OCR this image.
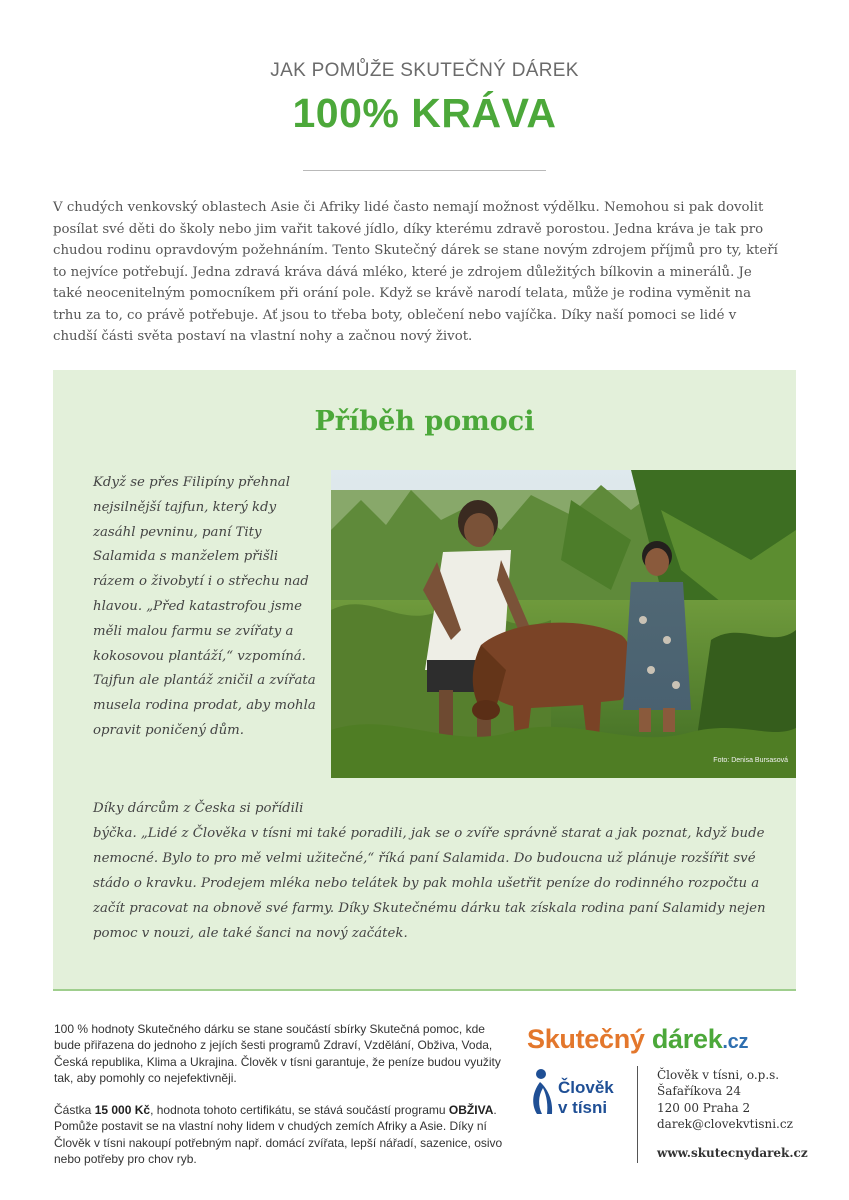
JAK POMŮŽE SKUTEČNÝ DÁREK
100% KRÁVA
V chudých venkovský oblastech Asie či Afriky lidé často nemají možnost výdělku. Nemohou si pak dovolit posílat své děti do školy nebo jim vařit takové jídlo, díky kterému zdravě porostou. Jedna kráva je tak pro chudou rodinu opravdovým požehnáním. Tento Skutečný dárek se stane novým zdrojem příjmů pro ty, kteří to nejvíce potřebují. Jedna zdravá kráva dává mléko, které je zdrojem důležitých bílkovin a minerálů. Je také neocenitelným pomocníkem při orání pole. Když se krávě narodí telata, může je rodina vyměnit na trhu za to, co právě potřebuje. Ať jsou to třeba boty, oblečení nebo vajíčka. Díky naší pomoci se lidé v chudší části světa postaví na vlastní nohy a začnou nový život.
Příběh pomoci
Když se přes Filipíny přehnal nejsilnější tajfun, který kdy zasáhl pevninu, paní Tity Salamida s manželem přišli rázem o živobytí i o střechu nad hlavou. „Před katastrofou jsme měli malou farmu se zvířaty a kokosovou plantáží,“ vzpomíná. Tajfun ale plantáž zničil a zvířata musela rodina prodat, aby mohla opravit poničený dům.
Foto: Denisa Bursasová
Díky dárcům z Česka si pořídili
býčka. „Lidé z Člověka v tísni mi také poradili, jak se o zvíře správně starat a jak poznat, když bude nemocné. Bylo to pro mě velmi užitečné,“ říká paní Salamida. Do budoucna už plánuje rozšířit své stádo o kravku. Prodejem mléka nebo telátek by pak mohla ušetřit peníze do rodinného rozpočtu a začít pracovat na obnově své farmy. Díky Skutečnému dárku tak získala rodina paní Salamidy nejen pomoc v nouzi, ale také šanci na nový začátek.

100 % hodnoty Skutečného dárku se stane součástí sbírky Skutečná pomoc, kde bude přiřazena do jednoho z jejích šesti programů Zdraví, Vzdělání, Obživa, Voda, Česká republika, Klima a Ukrajina. Člověk v tísni garantuje, že peníze budou využity tak, aby pomohly co nejefektivněji.

Částka 15 000 Kč, hodnota tohoto certifikátu, se stává součástí programu OBŽIVA. Pomůže postavit se na vlastní nohy lidem v chudých zemích Afriky a Asie. Díky ní Člověk v tísni nakoupí potřebným např. domácí zvířata, lepší nářadí, sazenice, osivo nebo potřeby pro chov ryb.

Skutečný dárek.cz
Člověk
v tísni
Člověk v tísni, o.p.s.
Šafaříkova 24
120 00 Praha 2
darek@clovekvtisni.cz
www.skutecnydarek.cz
